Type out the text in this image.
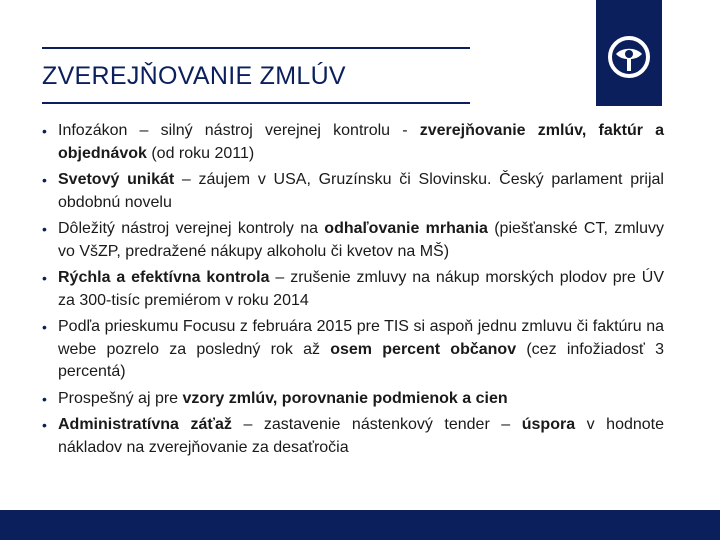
ZVEREJŇOVANIE ZMLÚV
• Infozákon – silný nástroj verejnej kontrolu - zverejňovanie zmlúv, faktúr a objednávok (od roku 2011)
• Svetový unikát – záujem v USA, Gruzínsku či Slovinsku. Český parlament prijal obdobnú novelu
• Dôležitý nástroj verejnej kontroly na odhaľovanie mrhania (piešťanské CT, zmluvy vo VšZP, predražené nákupy alkoholu či kvetov na MŠ)
• Rýchla a efektívna kontrola – zrušenie zmluvy na nákup morských plodov pre ÚV za 300-tisíc premiérom v roku 2014
• Podľa prieskumu Focusu z februára 2015 pre TIS si aspoň jednu zmluvu či faktúru na webe pozrelo za posledný rok až osem percent občanov (cez infožiadosť 3 percentá)
• Prospešný aj pre vzory zmlúv, porovnanie podmienok a cien
• Administratívna záťaž – zastavenie nástenkový tender – úspora v hodnote nákladov na zverejňovanie za desaťročia
